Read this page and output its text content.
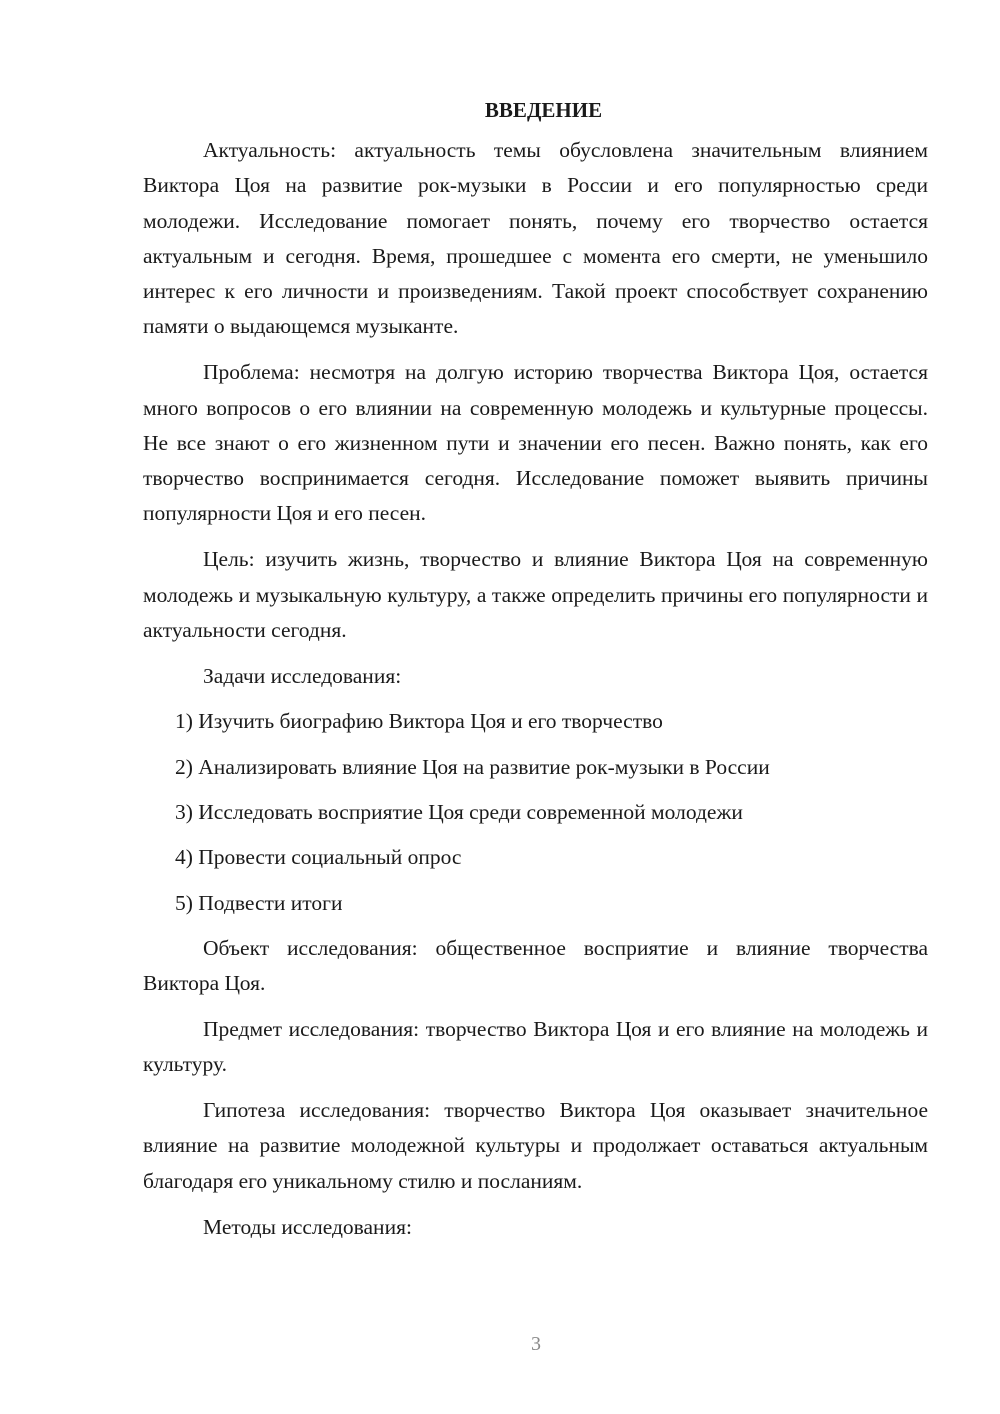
ВВЕДЕНИЕ

Актуальность: актуальность темы обусловлена значительным влиянием Виктора Цоя на развитие рок-музыки в России и его популярностью среди молодежи. Исследование помогает понять, почему его творчество остается актуальным и сегодня. Время, прошедшее с момента его смерти, не уменьшило интерес к его личности и произведениям. Такой проект способствует сохранению памяти о выдающемся музыканте.

Проблема: несмотря на долгую историю творчества Виктора Цоя, остается много вопросов о его влиянии на современную молодежь и культурные процессы. Не все знают о его жизненном пути и значении его песен. Важно понять, как его творчество воспринимается сегодня. Исследование поможет выявить причины популярности Цоя и его песен.

Цель: изучить жизнь, творчество и влияние Виктора Цоя на современную молодежь и музыкальную культуру, а также определить причины его популярности и актуальности сегодня.

Задачи исследования:
1) Изучить биографию Виктора Цоя и его творчество
2) Анализировать влияние Цоя на развитие рок-музыки в России
3) Исследовать восприятие Цоя среди современной молодежи
4) Провести социальный опрос
5) Подвести итоги

Объект исследования: общественное восприятие и влияние творчества Виктора Цоя.

Предмет исследования: творчество Виктора Цоя и его влияние на молодежь и культуру.

Гипотеза исследования: творчество Виктора Цоя оказывает значительное влияние на развитие молодежной культуры и продолжает оставаться актуальным благодаря его уникальному стилю и посланиям.

Методы исследования:

3
